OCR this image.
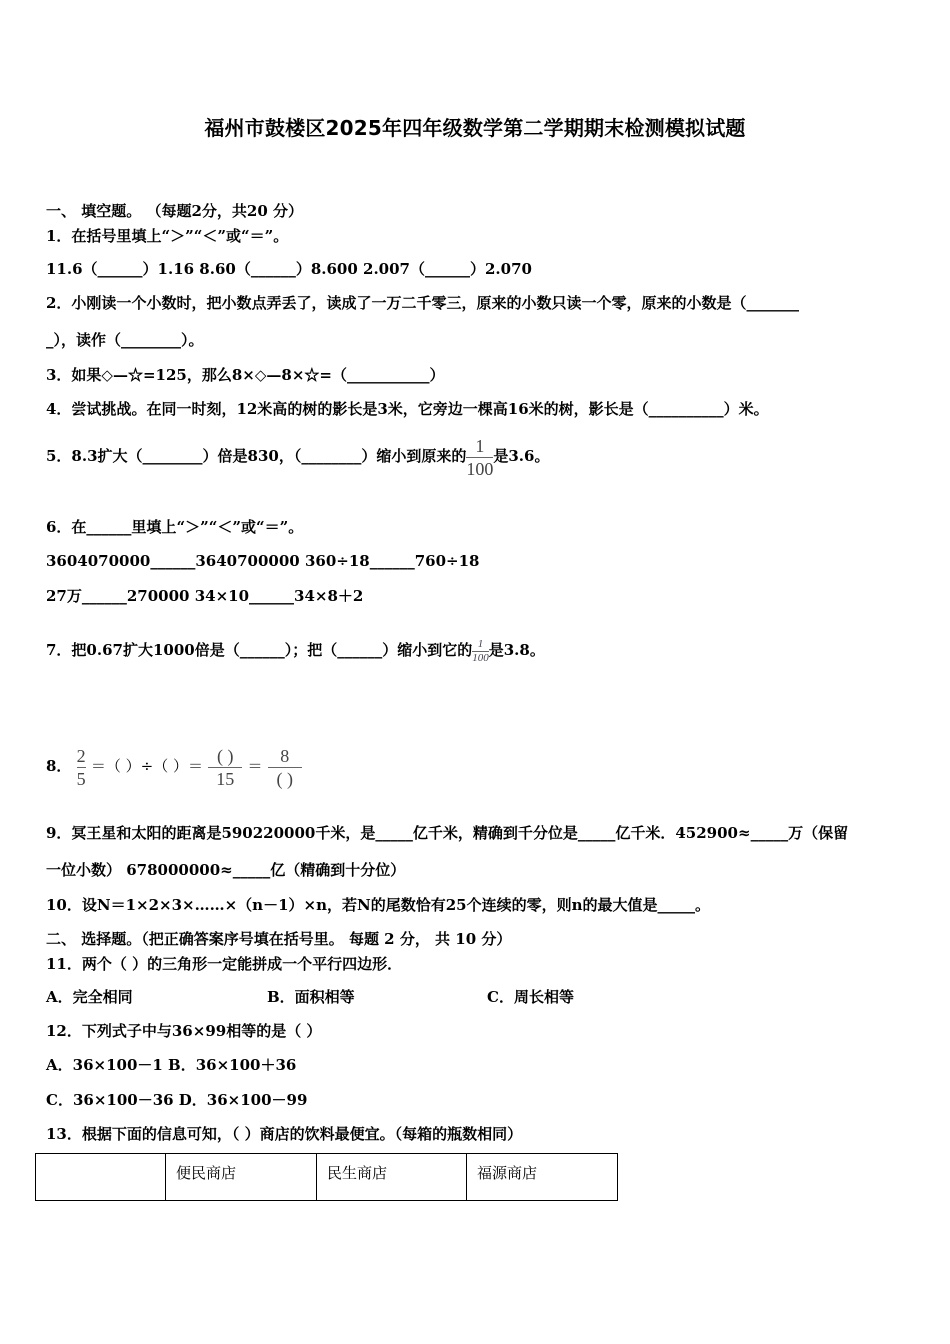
福州市鼓楼区2025年四年级数学第二学期期末检测模拟试题
一、 填空题。 （每题2分，共20 分）
1．在括号里填上“＞”“＜”或“＝”。
11.6（______）1.16 8.60（______）8.600 2.007（______）2.070
2．小刚读一个小数时，把小数点弄丢了，读成了一万二千零三，原来的小数只读一个零，原来的小数是（_______
_），读作（________）。
3．如果◇—☆=125，那么8×◇—8×☆=（___________）
4．尝试挑战。在同一时刻，12米高的树的影长是3米，它旁边一棵高16米的树，影长是（__________）米。
5．8.3扩大（________）倍是830，（________）缩小到原来的 $\frac{1}{100}$ 是3.6。
6．在______里填上“＞”“＜”或“＝”。
3604070000______3640700000 360÷18______760÷18
27万______270000 34×10______34×8＋2
7．把0.67扩大1000倍是（______）；把（______）缩小到它的 $\frac{1}{100}$ 是3.8。
8． $\frac{2}{5}$ ＝（ ）÷（ ）＝ $\frac{( )}{15} = \frac{8}{( )}$
9．冥王星和太阳的距离是590220000千米，是_____亿千米，精确到千分位是_____亿千米．452900≈_____万（保留
一位小数） 678000000≈_____亿（精确到十分位）
10．设N＝1×2×3×……×（n－1）×n，若N的尾数恰有25个连续的零，则n的最大值是_____。
二、 选择题。（把正确答案序号填在括号里。 每题 2 分， 共 10 分）
11．两个（ ）的三角形一定能拼成一个平行四边形．
A．完全相同	B．面积相等	C．周长相等
12．下列式子中与36×99相等的是（ ）
A．36×100－1 B．36×100＋36
C．36×100－36 D．36×100－99
13．根据下面的信息可知，（ ）商店的饮料最便宜。（每箱的瓶数相同）
	便民商店	民生商店	福源商店
